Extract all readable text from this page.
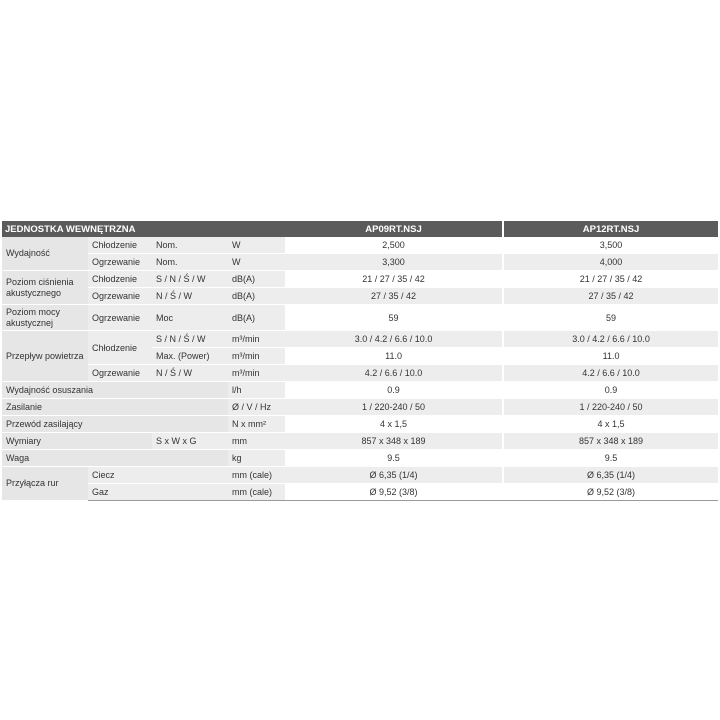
JEDNOSTKA WEWNĘTRZNA				AP09RT.NSJ		AP12RT.NSJ
Wydajność	Chłodzenie	Nom.	W	2,500		3,500
	Ogrzewanie	Nom.	W	3,300		4,000
Poziom ciśnienia akustycznego	Chłodzenie	S / N / Ś / W	dB(A)	21 / 27 / 35 / 42		21 / 27 / 35 / 42
	Ogrzewanie	N / Ś / W	dB(A)	27 / 35 / 42		27 / 35 / 42
Poziom mocy akustycznej	Ogrzewanie	Moc	dB(A)	59		59
Przepływ powietrza	Chłodzenie	S / N / Ś / W	m³/min	3.0 / 4.2 / 6.6 / 10.0		3.0 / 4.2 / 6.6 / 10.0
		Max. (Power)	m³/min	11.0		11.0
	Ogrzewanie	N / Ś / W	m³/min	4.2 / 6.6 / 10.0		4.2 / 6.6 / 10.0
Wydajność osuszania			l/h	0.9		0.9
Zasilanie			Ø / V / Hz	1 / 220-240 / 50		1 / 220-240 / 50
Przewód zasilający			N x mm²	4 x 1,5		4 x 1,5
Wymiary		S x W x G	mm	857 x 348 x 189		857 x 348 x 189
Waga			kg	9.5		9.5
Przyłącza rur	Ciecz		mm (cale)	Ø 6,35 (1/4)		Ø 6,35 (1/4)
	Gaz		mm (cale)	Ø 9,52 (3/8)		Ø 9,52 (3/8)
